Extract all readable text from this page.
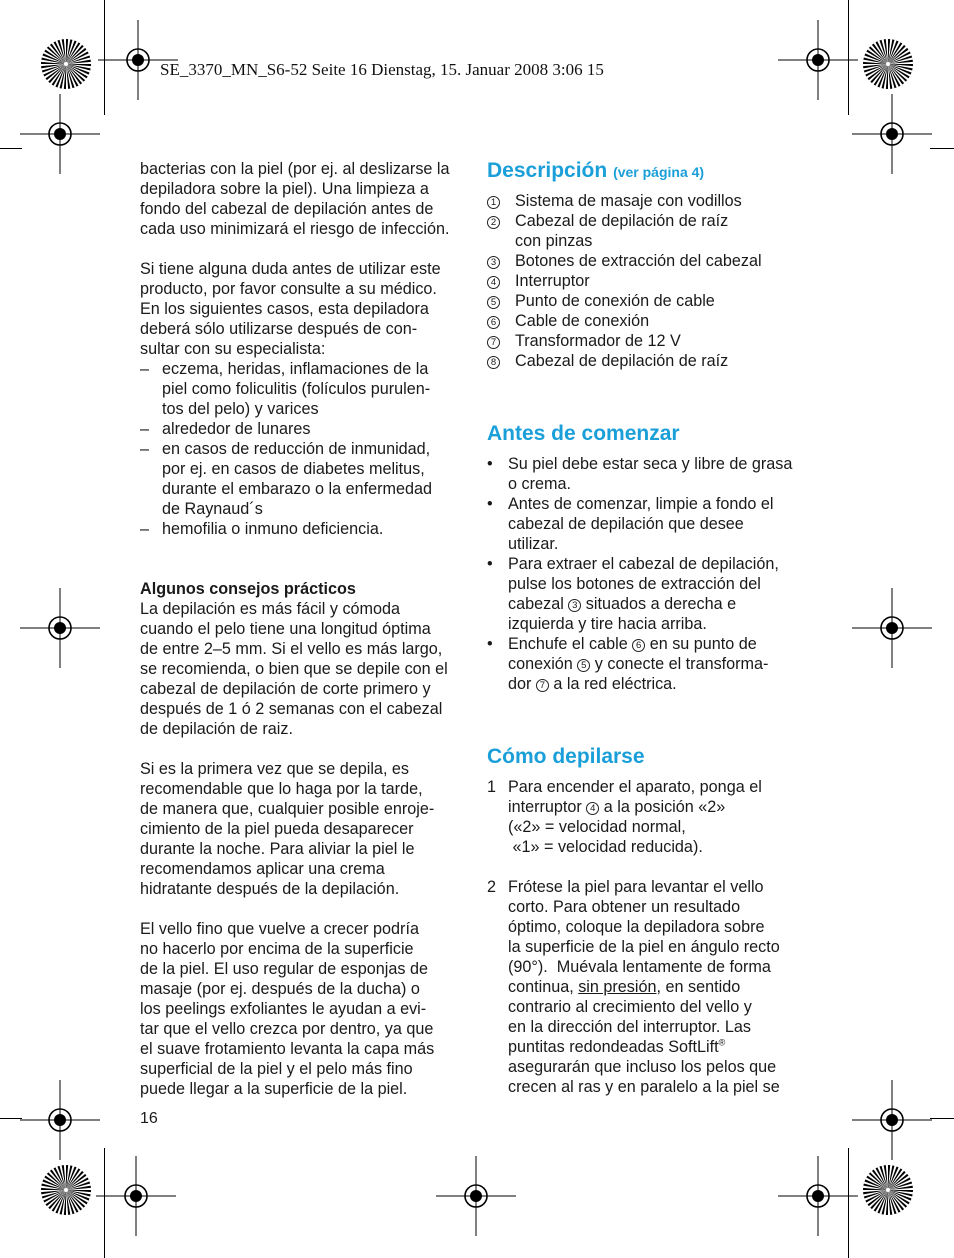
SE_3370_MN_S6-52 Seite 16 Dienstag, 15. Januar 2008 3:06 15
bacterias con la piel (por ej. al deslizarse la
depiladora sobre la piel). Una limpieza a
fondo del cabezal de depilación antes de
cada uso minimizará el riesgo de infección.
Si tiene alguna duda antes de utilizar este
producto, por favor consulte a su médico.
En los siguientes casos, esta depiladora
deberá sólo utilizarse después de con-
sultar con su especialista:
– eczema, heridas, inflamaciones de la
piel como foliculitis (folículos purulen-
tos del pelo) y varices
– alrededor de lunares
– en casos de reducción de inmunidad,
por ej. en casos de diabetes melitus,
durante el embarazo o la enfermedad
de Raynaud´s
– hemofilia o inmuno deficiencia.
Algunos consejos prácticos
La depilación es más fácil y cómoda
cuando el pelo tiene una longitud óptima
de entre 2–5 mm. Si el vello es más largo,
se recomienda, o bien que se depile con el
cabezal de depilación de corte primero y
después de 1 ó 2 semanas con el cabezal
de depilación de raiz.
Si es la primera vez que se depila, es
recomendable que lo haga por la tarde,
de manera que, cualquier posible enroje-
cimiento de la piel pueda desaparecer
durante la noche. Para aliviar la piel le
recomendamos aplicar una crema
hidratante después de la depilación.
El vello fino que vuelve a crecer podría
no hacerlo por encima de la superficie
de la piel. El uso regular de esponjas de
masaje (por ej. después de la ducha) o
los peelings exfoliantes le ayudan a evi-
tar que el vello crezca por dentro, ya que
el suave frotamiento levanta la capa más
superficial de la piel y el pelo más fino
puede llegar a la superficie de la piel.
16
Descripción (ver página 4)
1	Sistema de masaje con vodillos
2	Cabezal de depilación de raíz
con pinzas
3	Botones de extracción del cabezal
4	Interruptor
5	Punto de conexión de cable
6	Cable de conexión
7	Transformador de 12 V
8	Cabezal de depilación de raíz
Antes de comenzar
• Su piel debe estar seca y libre de grasa
o crema.
• Antes de comenzar, limpie a fondo el
cabezal de depilación que desee
utilizar.
• Para extraer el cabezal de depilación,
pulse los botones de extracción del
cabezal 3 situados a derecha e
izquierda y tire hacia arriba.
• Enchufe el cable 6 en su punto de
conexión 5 y conecte el transforma-
dor 7 a la red eléctrica.
Cómo depilarse
1 Para encender el aparato, ponga el
interruptor 4 a la posición «2»
(«2» = velocidad normal,
«1» = velocidad reducida).
2 Frótese la piel para levantar el vello
corto. Para obtener un resultado
óptimo, coloque la depiladora sobre
la superficie de la piel en ángulo recto
(90°).  Muévala lentamente de forma
continua, sin presión, en sentido
contrario al crecimiento del vello y
en la dirección del interruptor. Las
puntitas redondeadas SoftLift®
asegurarán que incluso los pelos que
crecen al ras y en paralelo a la piel se
